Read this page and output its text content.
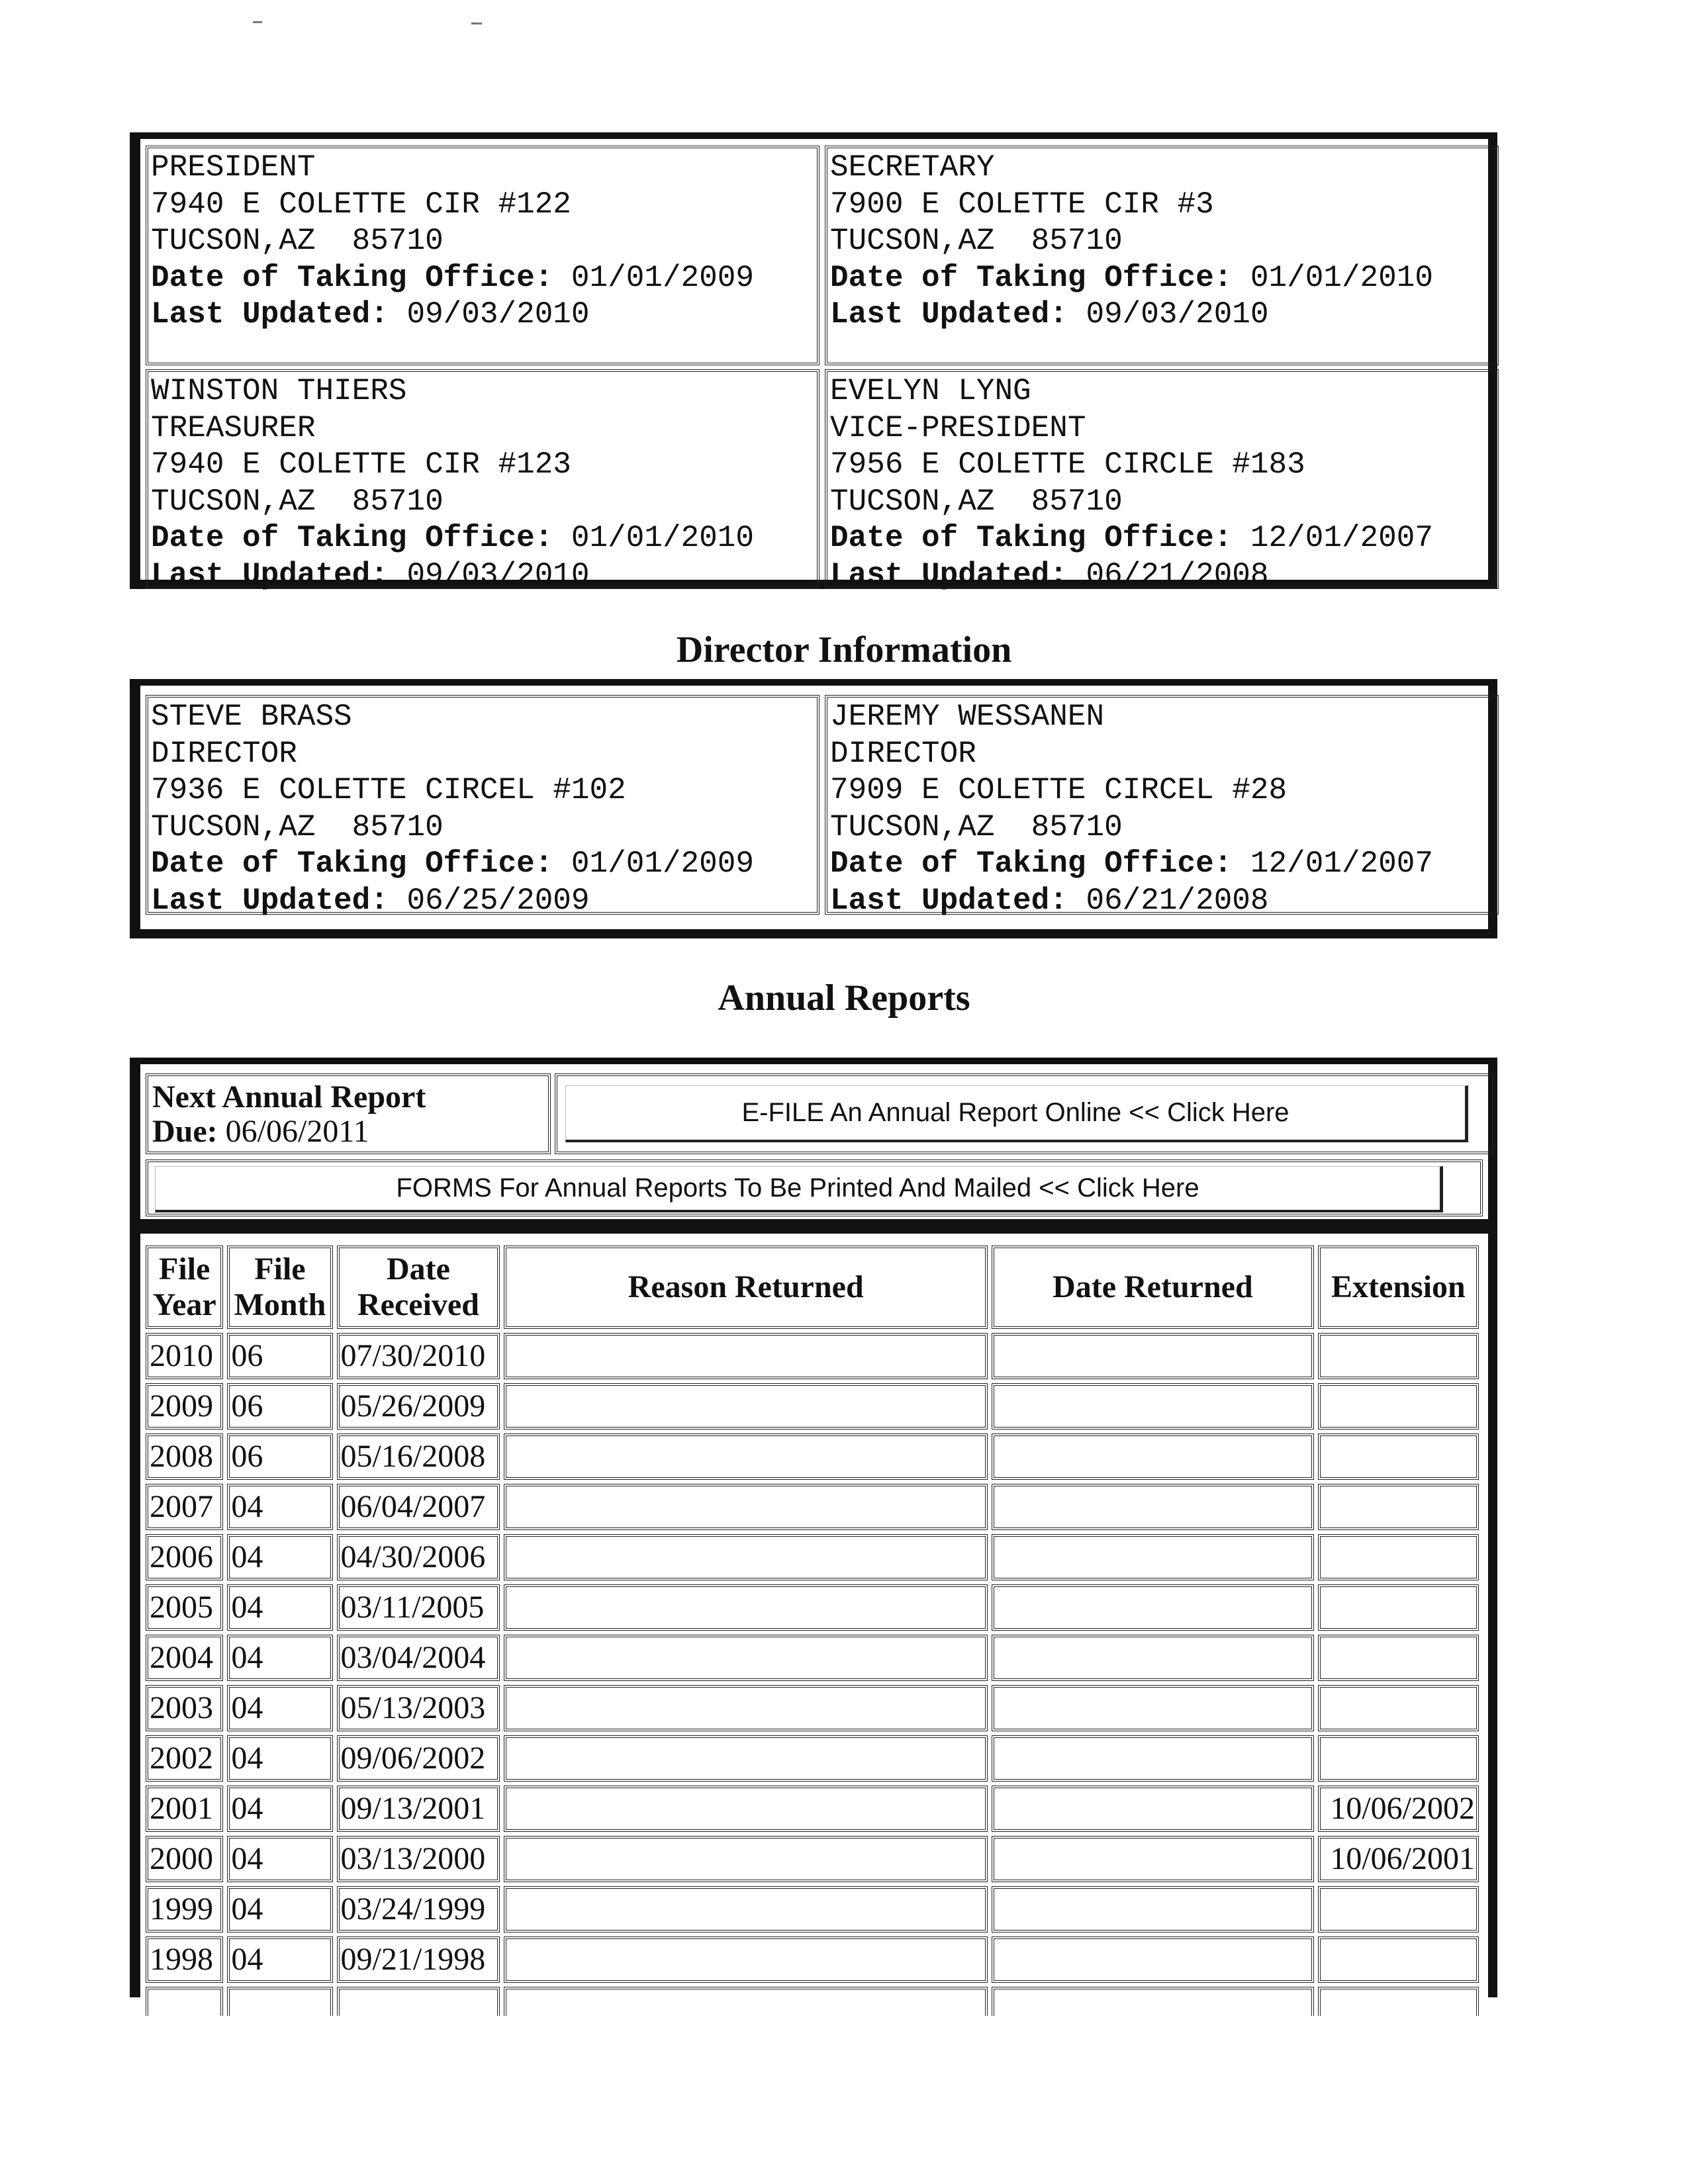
PRESIDENT
7940 E COLETTE CIR #122
TUCSON,AZ  85710
Date of Taking Office: 01/01/2009
Last Updated: 09/03/2010
SECRETARY
7900 E COLETTE CIR #3
TUCSON,AZ  85710
Date of Taking Office: 01/01/2010
Last Updated: 09/03/2010
WINSTON THIERS
TREASURER
7940 E COLETTE CIR #123
TUCSON,AZ  85710
Date of Taking Office: 01/01/2010
Last Updated: 09/03/2010
EVELYN LYNG
VICE-PRESIDENT
7956 E COLETTE CIRCLE #183
TUCSON,AZ  85710
Date of Taking Office: 12/01/2007
Last Updated: 06/21/2008
Director Information
STEVE BRASS
DIRECTOR
7936 E COLETTE CIRCEL #102
TUCSON,AZ  85710
Date of Taking Office: 01/01/2009
Last Updated: 06/25/2009
JEREMY WESSANEN
DIRECTOR
7909 E COLETTE CIRCEL #28
TUCSON,AZ  85710
Date of Taking Office: 12/01/2007
Last Updated: 06/21/2008
Annual Reports
Next Annual Report
Due: 06/06/2011
E-FILE An Annual Report Online << Click Here
FORMS For Annual Reports To Be Printed And Mailed << Click Here
File Year	File Month	Date Received	Reason Returned	Date Returned	Extension
2010	06	07/30/2010			
2009	06	05/26/2009			
2008	06	05/16/2008			
2007	04	06/04/2007			
2006	04	04/30/2006			
2005	04	03/11/2005			
2004	04	03/04/2004			
2003	04	05/13/2003			
2002	04	09/06/2002			
2001	04	09/13/2001			10/06/2002
2000	04	03/13/2000			10/06/2001
1999	04	03/24/1999			
1998	04	09/21/1998			
